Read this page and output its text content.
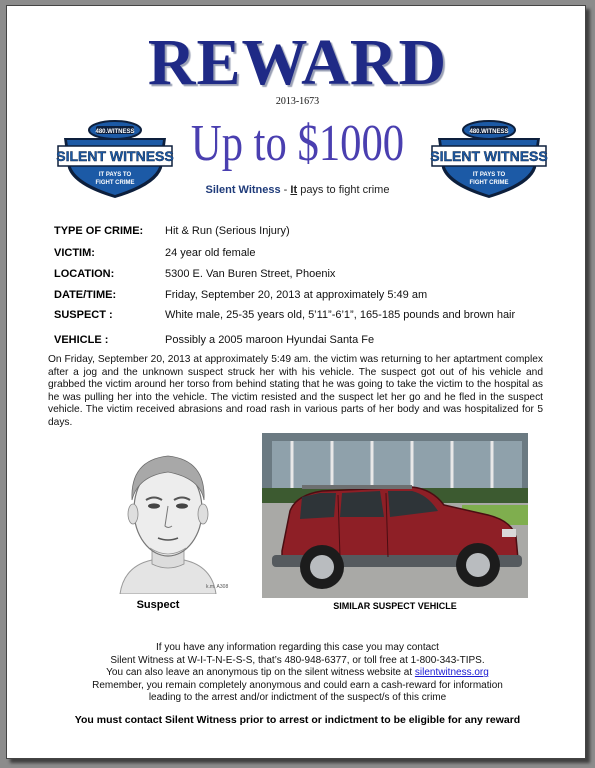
REWARD
2013-1673
Up to $1000
Silent Witness - It pays to fight crime
480.WITNESS
SILENT WITNESS
IT PAYS TO
FIGHT CRIME
480.WITNESS
SILENT WITNESS
IT PAYS TO
FIGHT CRIME
TYPE OF CRIME: Hit & Run (Serious Injury)
VICTIM:	24 year old female
LOCATION:	5300 E. Van Buren Street, Phoenix
DATE/TIME:	Friday, September 20, 2013 at approximately 5:49 am
SUSPECT :	White male, 25-35 years old, 5’11”-6’1”, 165-185 pounds and brown hair
VEHICLE :	Possibly a 2005 maroon Hyundai Santa Fe
On Friday, September 20, 2013 at approximately 5:49 am. the victim was returning to her aptartment complex after a jog and the unknown suspect struck her with his vehicle. The suspect got out of his vehicle and grabbed the victim around her torso from behind stating that he was going to take the victim to the hospital as he was pulling her into the vehicle. The victim resisted and the suspect let her go and he fled in the suspect vehicle. The victim received abrasions and road rash in various parts of her body and was hospitalized for 5 days.
k.m. A308
Suspect	SIMILAR SUSPECT VEHICLE
If you have any information regarding this case you may contact
Silent Witness at W-I-T-N-E-S-S, that’s 480-948-6377, or toll free at 1-800-343-TIPS.
You can also leave an anonymous tip on the silent witness website at silentwitness.org
Remember, you remain completely anonymous and could earn a cash-reward for information
leading to the arrest and/or indictment of the suspect/s of this crime
You must contact Silent Witness prior to arrest or indictment to be eligible for any reward
